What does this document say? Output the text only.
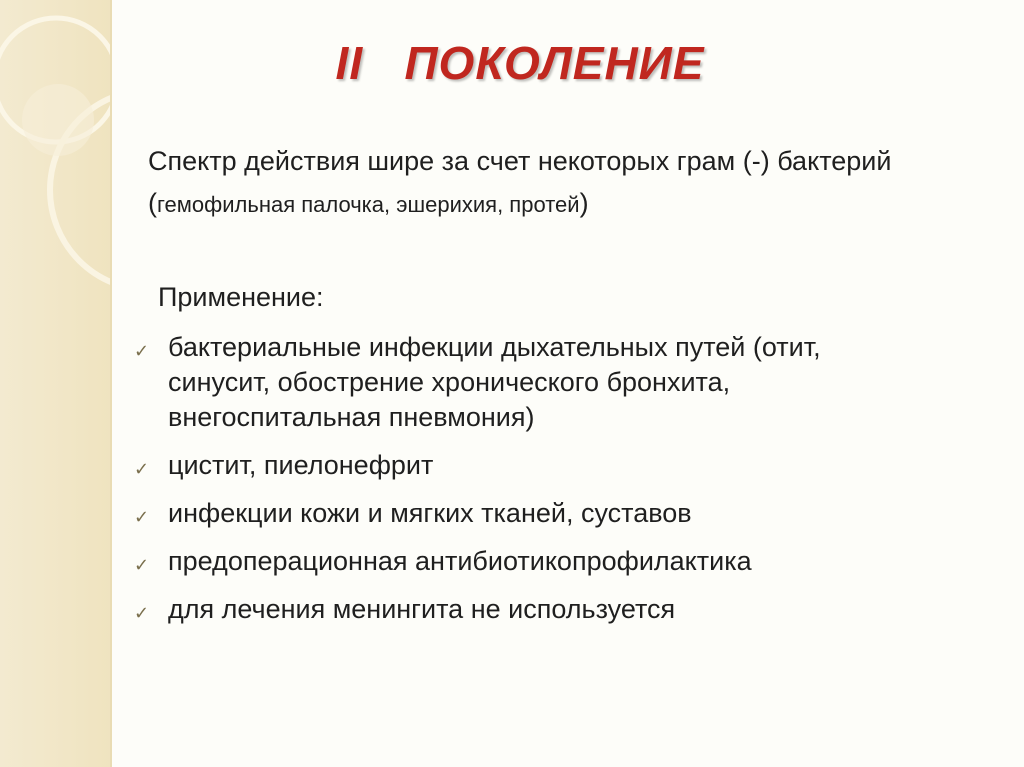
II   ПОКОЛЕНИЕ
Спектр действия шире за счет некоторых грам (-) бактерий (гемофильная палочка, эшерихия, протей)
Применение:
✓ бактериальные инфекции дыхательных путей (отит, синусит, обострение хронического бронхита, внегоспитальная пневмония)
✓ цистит, пиелонефрит
✓ инфекции кожи и мягких тканей, суставов
✓ предоперационная антибиотикопрофилактика
✓ для лечения менингита не используется
